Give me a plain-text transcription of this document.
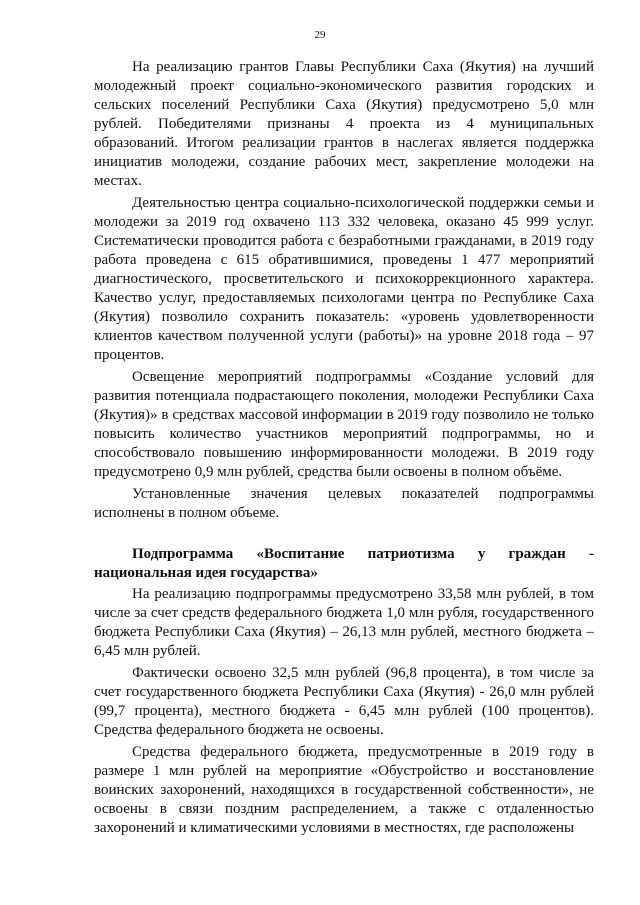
29

На реализацию грантов Главы Республики Саха (Якутия) на лучший молодежный проект социально-экономического развития городских и сельских поселений Республики Саха (Якутия) предусмотрено 5,0 млн рублей. Победителями признаны 4 проекта из 4 муниципальных образований. Итогом реализации грантов в наслегах является поддержка инициатив молодежи, создание рабочих мест, закрепление молодежи на местах.

Деятельностью центра социально-психологической поддержки семьи и молодежи за 2019 год охвачено 113 332 человека, оказано 45 999 услуг. Систематически проводится работа с безработными гражданами, в 2019 году работа проведена с 615 обратившимися, проведены 1 477 мероприятий диагностического, просветительского и психокоррекционного характера. Качество услуг, предоставляемых психологами центра по Республике Саха (Якутия) позволило сохранить показатель: «уровень удовлетворенности клиентов качеством полученной услуги (работы)» на уровне 2018 года – 97 процентов.

Освещение мероприятий подпрограммы «Создание условий для развития потенциала подрастающего поколения, молодежи Республики Саха (Якутия)» в средствах массовой информации в 2019 году позволило не только повысить количество участников мероприятий подпрограммы, но и способствовало повышению информированности молодежи. В 2019 году предусмотрено 0,9 млн рублей, средства были освоены в полном объёме.

Установленные значения целевых показателей подпрограммы исполнены в полном объеме.

Подпрограмма «Воспитание патриотизма у граждан - национальная идея государства»

На реализацию подпрограммы предусмотрено 33,58 млн рублей, в том числе за счет средств федерального бюджета 1,0 млн рубля, государственного бюджета Республики Саха (Якутия) – 26,13 млн рублей, местного бюджета – 6,45 млн рублей.

Фактически освоено 32,5 млн рублей (96,8 процента), в том числе за счет государственного бюджета Республики Саха (Якутия) - 26,0 млн рублей (99,7 процента), местного бюджета - 6,45 млн рублей (100 процентов). Средства федерального бюджета не освоены.

Средства федерального бюджета, предусмотренные в 2019 году в размере 1 млн рублей на мероприятие «Обустройство и восстановление воинских захоронений, находящихся в государственной собственности», не освоены в связи поздним распределением, а также с отдаленностью захоронений и климатическими условиями в местностях, где расположены
